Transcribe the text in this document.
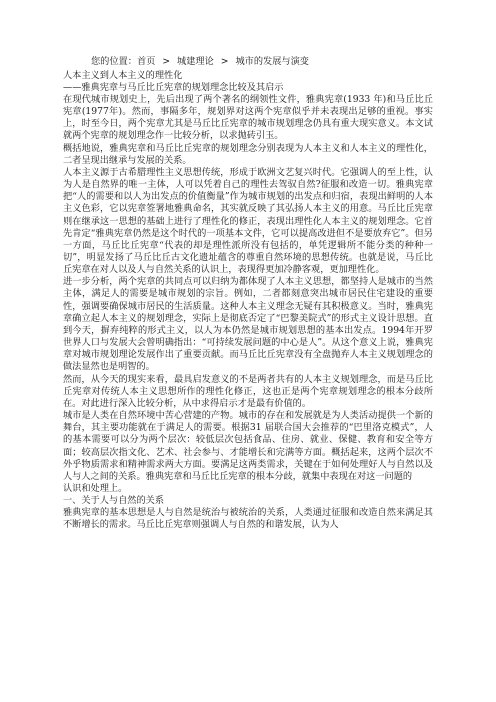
您的位置：首页 > 城建理论 > 城市的发展与演变
人本主义到人本主义的理性化
——雅典宪章与马丘比丘宪章的规划理念比较及其启示

在现代城市规划史上，先后出现了两个著名的纲领性文件，雅典宪章(1933 年)和马丘比丘宪章(1977年)。然而，事隔多年，规划界对这两个宪章似乎并未表现出足够的重视。事实上，时至今日，两个宪章尤其是马丘比丘宪章的城市规划理念仍具有重大现实意义。本文试就两个宪章的规划理念作一比较分析，以求抛砖引玉。

概括地说，雅典宪章和马丘比丘宪章的规划理念分别表现为人本主义和人本主义的理性化，二者呈现出继承与发展的关系。

人本主义源于古希腊理性主义思想传统，形成于欧洲文艺复兴时代。它强调人的至上性，认为人是自然界的唯一主体，人可以凭着自己的理性去驾驭自然?征服和改造一切。雅典宪章把“人的需要和以人为出发点的价值衡量”作为城市规划的出发点和归宿，表现出鲜明的人本主义色彩，它以宪章签署地雅典命名，其实就反映了其弘扬人本主义的用意。马丘比丘宪章则在继承这一思想的基础上进行了理性化的修正，表现出理性化人本主义的规划理念。它首先肯定“雅典宪章仍然是这个时代的一项基本文件，它可以提高改进但不是要放弃它”。但另一方面，马丘比丘宪章“代表的却是理性派所没有包括的，单凭逻辑所不能分类的种种一切”，明显发扬了马丘比丘古文化遗址蕴含的尊重自然环境的思想传统。也就是说，马丘比丘宪章在对人以及人与自然关系的认识上，表现得更加冷静客观，更加理性化。

进一步分析，两个宪章的共同点可以归纳为都体现了人本主义思想，都坚持人是城市的当然主体，满足人的需要是城市规划的宗旨。例如，二者都刻意突出城市居民住宅建设的重要性，强调要确保城市居民的生活质量。这种人本主义理念无疑有其积极意义。当时，雅典宪章确立起人本主义的规划理念，实际上是彻底否定了“巴黎美院式”的形式主义设计思想。直到今天，摒弃纯粹的形式主义，以人为本仍然是城市规划思想的基本出发点。1994年开罗世界人口与发展大会曾明确指出：“可持续发展问题的中心是人”。从这个意义上说，雅典宪章对城市规划理论发展作出了重要贡献。而马丘比丘宪章没有全盘抛弃人本主义规划理念的做法显然也是明智的。

然而，从今天的现实来看，最具启发意义的不是两者共有的人本主义规划理念，而是马丘比丘宪章对传统人本主义思想所作的理性化修正，这也正是两个宪章规划理念的根本分歧所在。对此进行深入比较分析，从中求得启示才是最有价值的。

城市是人类在自然环境中苦心营建的产物。城市的存在和发展就是为人类活动提供一个新的舞台，其主要功能就在于满足人的需要。根据31 届联合国大会推荐的“巴里洛克模式”，人的基本需要可以分为两个层次：较低层次包括食品、住房、就业、保健、教育和安全等方面；较高层次指文化、艺术、社会参与、才能增长和完满等方面。概括起来，这两个层次不外乎物质需求和精神需求两大方面。要满足这两类需求，关键在于如何处理好人与自然以及人与人之间的关系。雅典宪章和马丘比丘宪章的根本分歧，就集中表现在对这一问题的

认识和处理上。

一、关于人与自然的关系

雅典宪章的基本思想是人与自然是统治与被统治的关系，人类通过征服和改造自然来满足其不断增长的需求。马丘比丘宪章则强调人与自然的和谐发展，认为人
